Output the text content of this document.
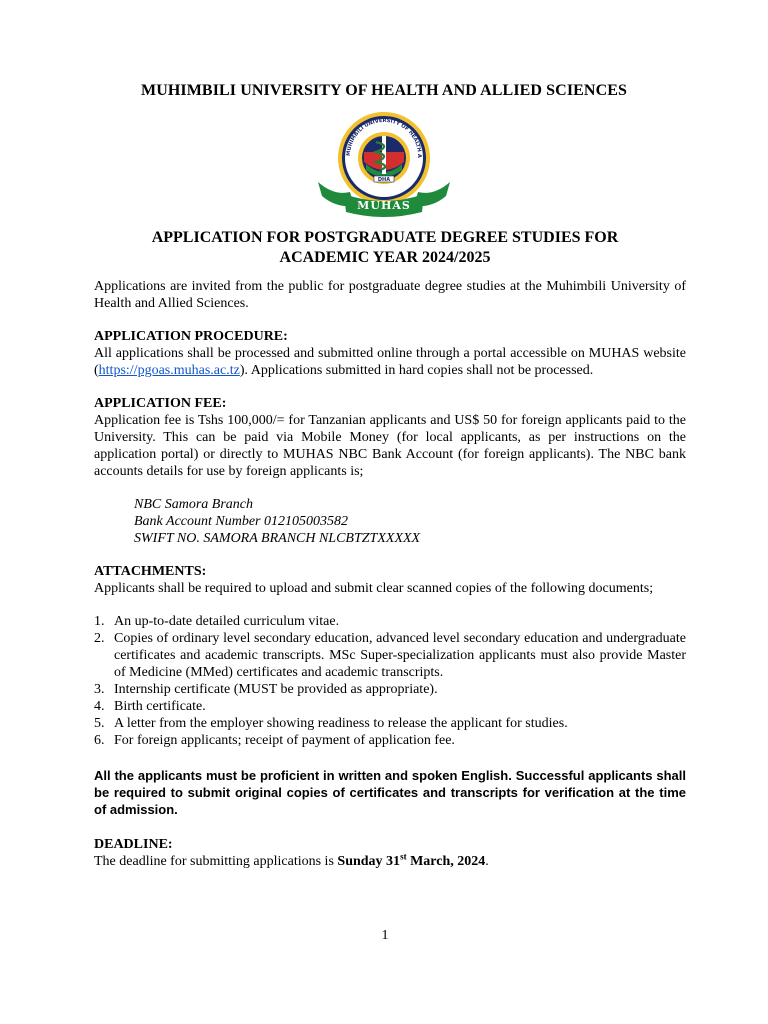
MUHIMBILI UNIVERSITY OF HEALTH AND ALLIED SCIENCES
MUHIMBILI UNIVERSITY OF HEALTH A
DHA
MUHAS
APPLICATION FOR POSTGRADUATE DEGREE STUDIES FOR
ACADEMIC YEAR 2024/2025

Applications are invited from the public for postgraduate degree studies at the Muhimbili University of Health and Allied Sciences.

APPLICATION PROCEDURE:

All applications shall be processed and submitted online through a portal accessible on MUHAS website (https://pgoas.muhas.ac.tz). Applications submitted in hard copies shall not be processed.

APPLICATION FEE:

Application fee is Tshs 100,000/= for Tanzanian applicants and US$ 50 for foreign applicants paid to the University. This can be paid via Mobile Money (for local applicants, as per instructions on the application portal) or directly to MUHAS NBC Bank Account (for foreign applicants). The NBC bank accounts details for use by foreign applicants is;

NBC Samora Branch
Bank Account Number 012105003582
SWIFT NO. SAMORA BRANCH NLCBTZTXXXXX

ATTACHMENTS:

Applicants shall be required to upload and submit clear scanned copies of the following documents;

1. An up-to-date detailed curriculum vitae.
2. Copies of ordinary level secondary education, advanced level secondary education and undergraduate certificates and academic transcripts. MSc Super-specialization applicants must also provide Master of Medicine (MMed) certificates and academic transcripts.
3. Internship certificate (MUST be provided as appropriate).
4. Birth certificate.
5. A letter from the employer showing readiness to release the applicant for studies.
6. For foreign applicants; receipt of payment of application fee.

All the applicants must be proficient in written and spoken English. Successful applicants shall be required to submit original copies of certificates and transcripts for verification at the time of admission.

DEADLINE:

The deadline for submitting applications is Sunday 31st March, 2024.

1
